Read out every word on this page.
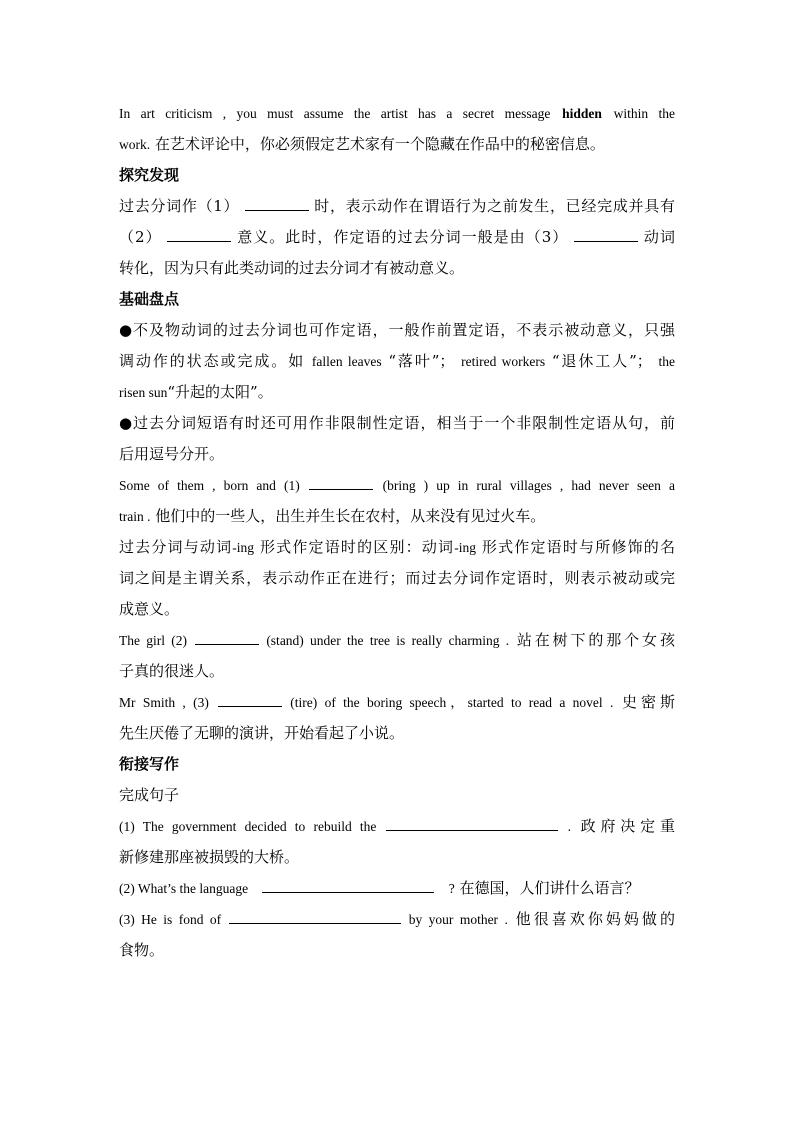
In art criticism , you must assume the artist has a secret message hidden within the
work. 在艺术评论中，你必须假定艺术家有一个隐藏在作品中的秘密信息。
探究发现
过去分词作（1）	时，表示动作在谓语行为之前发生，已经完成并具有
（2）	意义。此时，作定语的过去分词一般是由（3）	动词
转化，因为只有此类动词的过去分词才有被动意义。
基础盘点
●不及物动词的过去分词也可作定语，一般作前置定语，不表示被动意义，只强
调动作的状态或完成。如 fallen leaves “落叶”； retired workers “退休工人”； the
risen sun“升起的太阳”。
●过去分词短语有时还可用作非限制性定语，相当于一个非限制性定语从句，前
后用逗号分开。
Some of them , born and (1)	(bring ) up in rural villages , had never seen a
train . 他们中的一些人，出生并生长在农村，从来没有见过火车。
过去分词与动词-ing 形式作定语时的区别：动词-ing 形式作定语时与所修饰的名
词之间是主谓关系，表示动作正在进行；而过去分词作定语时，则表示被动或完
成意义。
The girl (2)	(stand) under the tree is really charming . 站在树下的那个女孩
子真的很迷人。
Mr Smith , (3)	(tire) of the boring speech，started to read a novel . 史密斯
先生厌倦了无聊的演讲，开始看起了小说。
衔接写作
完成句子
(1) The government decided to rebuild the	. 政府决定重
新修建那座被损毁的大桥。
(2) What’s the language	? 在德国，人们讲什么语言？
(3) He is fond of	by your mother . 他很喜欢你妈妈做的
食物。
